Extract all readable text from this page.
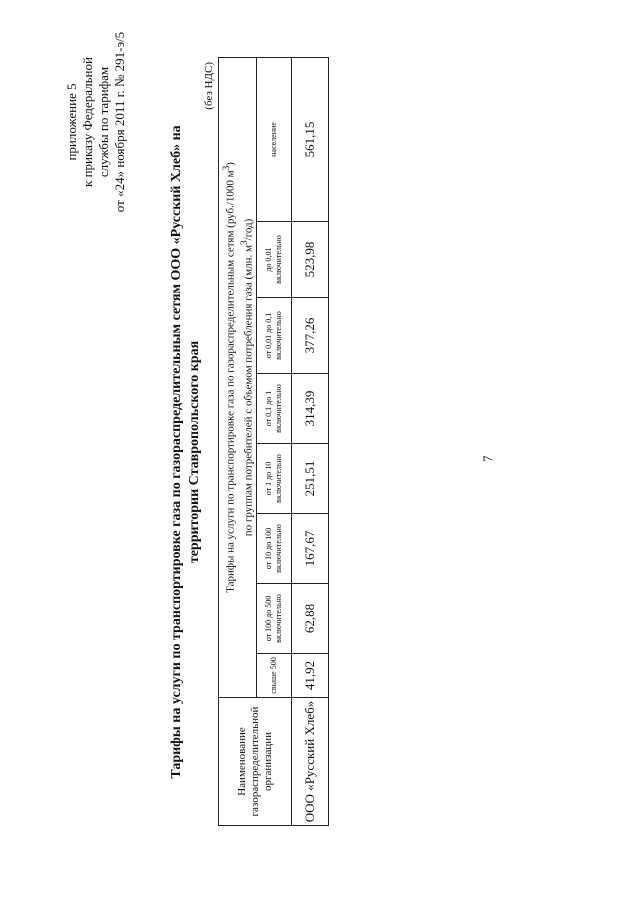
приложение 5 к приказу Федеральной службы по тарифам от «24» ноября 2011 г. № 291-э/5
Тарифы на услуги по транспортировке газа по газораспределительным сетям ООО «Русский Хлеб» на территории Ставропольского края
(без НДС)
Наименование газораспределительной организации	Тарифы на услуги по транспортировке газа по газораспределительным сетям (руб./1000 $м^3$)
по группам потребителей с объемом потребления газа (млн. $м^3/год$)							
	свыше 500	от 100 до 500 включительно	от 10 до 100 включительно	от 1 до 10 включительно	от 0,1 до 1 включительно	от 0,01 до 0,1 включительно	до 0,01 включительно	население
ООО «Русский Хлеб»	41,92	62,88	167,67	251,51	314,39	377,26	523,98	561,15
7
